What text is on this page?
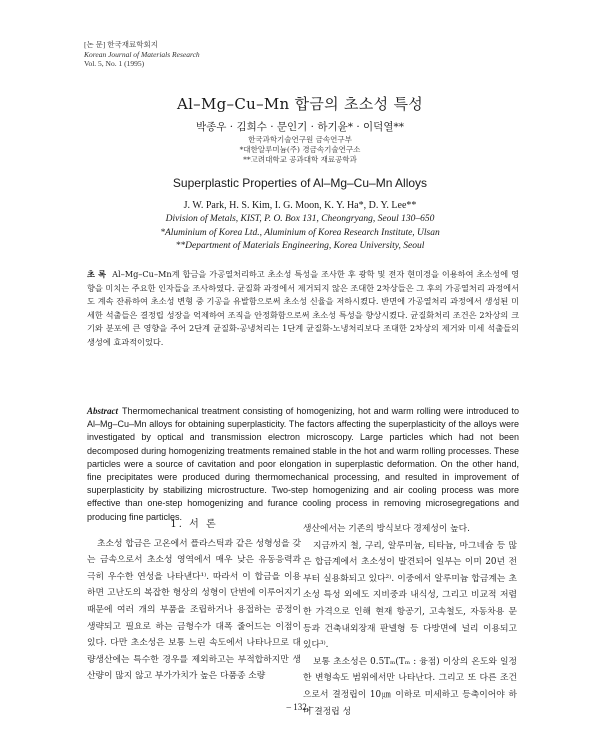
[논 문] 한국재료학회지
Korean Journal of Materials Research
Vol. 5, No. 1 (1995)
Al–Mg–Cu–Mn 합금의 초소성 특성
박종우 · 김희수 · 문인기 · 하기윤* · 이덕열**
한국과학기술연구원 금속연구부
*대한알루미늄(주) 경금속기술연구소
**고려대학교 공과대학 재료공학과
Superplastic Properties of Al–Mg–Cu–Mn Alloys
J. W. Park, H. S. Kim, I. G. Moon, K. Y. Ha*, D. Y. Lee**
Division of Metals, KIST, P. O. Box 131, Cheongryang, Seoul 130–650
*Aluminium of Korea Ltd., Aluminium of Korea Research Institute, Ulsan
**Department of Materials Engineering, Korea University, Seoul
초 록 Al–Mg–Cu–Mn계 합금을 가공열처리하고 초소성 특성을 조사한 후 광학 및 전자 현미경을 이용하여 초소성에 영향을 미치는 주요한 인자들을 조사하였다. 균질화 과정에서 제거되지 않은 조대한 2차상들은 그 후의 가공열처리 과정에서도 계속 잔류하여 초소성 변형 중 기공을 유발함으로써 초소성 신율을 저하시켰다. 반면에 가공열처리 과정에서 생성된 미세한 석출들은 결정립 성장을 억제하여 조직을 안정화함으로써 초소성 특성을 향상시켰다. 균질화처리 조건은 2차상의 크기와 분포에 큰 영향을 주어 2단계 균질화-공냉처리는 1단계 균질화-노냉처리보다 조대한 2차상의 제거와 미세 석출들의 생성에 효과적이었다.
Abstract Thermomechanical treatment consisting of homogenizing, hot and warm rolling were introduced to Al–Mg–Cu–Mn alloys for obtaining superplasticity. The factors affecting the superplasticity of the alloys were investigated by optical and transmission electron microscopy. Large particles which had not been decomposed during homogenizing treatments remained stable in the hot and warm rolling processes. These particles were a source of cavitation and poor elongation in superplastic deformation. On the other hand, fine precipitates were produced during thermomechanical processing, and resulted in improvement of superplasticity by stabilizing microstructure. Two-step homogenizing and air cooling process was more effective than one-step homogenizing and furance cooling process in removing microsegregations and producing fine particles.
1. 서 론

초소성 합금은 고온에서 플라스틱과 같은 성형성을 갖는 금속으로서 초소성 영역에서 매우 낮은 유동응력과 극히 우수한 연성을 나타낸다¹⁾. 따라서 이 합금을 이용하면 고난도의 복잡한 형상의 성형이 단번에 이루어지기 때문에 여러 개의 부품을 조립하거나 용접하는 공정이 생략되고 필요로 하는 금형수가 대폭 줄어드는 이점이 있다. 다만 초소성은 보통 느린 속도에서 나타나므로 대량생산에는 특수한 경우를 제외하고는 부적합하지만 생산량이 많지 않고 부가가치가 높은 다품종 소량

생산에서는 기존의 방식보다 경제성이 높다.

지금까지 철, 구리, 알루미늄, 티타늄, 마그네슘 등 많은 합금계에서 초소성이 발견되어 일부는 이미 20년 전부터 실용화되고 있다²⁾. 이중에서 알루미늄 합금계는 초소성 특성 외에도 지비중과 내식성, 그리고 비교적 저렴한 가격으로 인해 현재 항공기, 고속철도, 자동차용 문 등과 건축내외장재 판넬형 등 다방면에 널리 이용되고 있다³⁾.

보통 초소성은 0.5Tₘ(Tₘ : 융점) 이상의 온도와 일정한 변형속도 범위에서만 나타난다. 그리고 또 다른 조건으로서 결정립이 10㎛ 이하로 미세하고 등축이어야 하며 결정립 성

– 132 –
